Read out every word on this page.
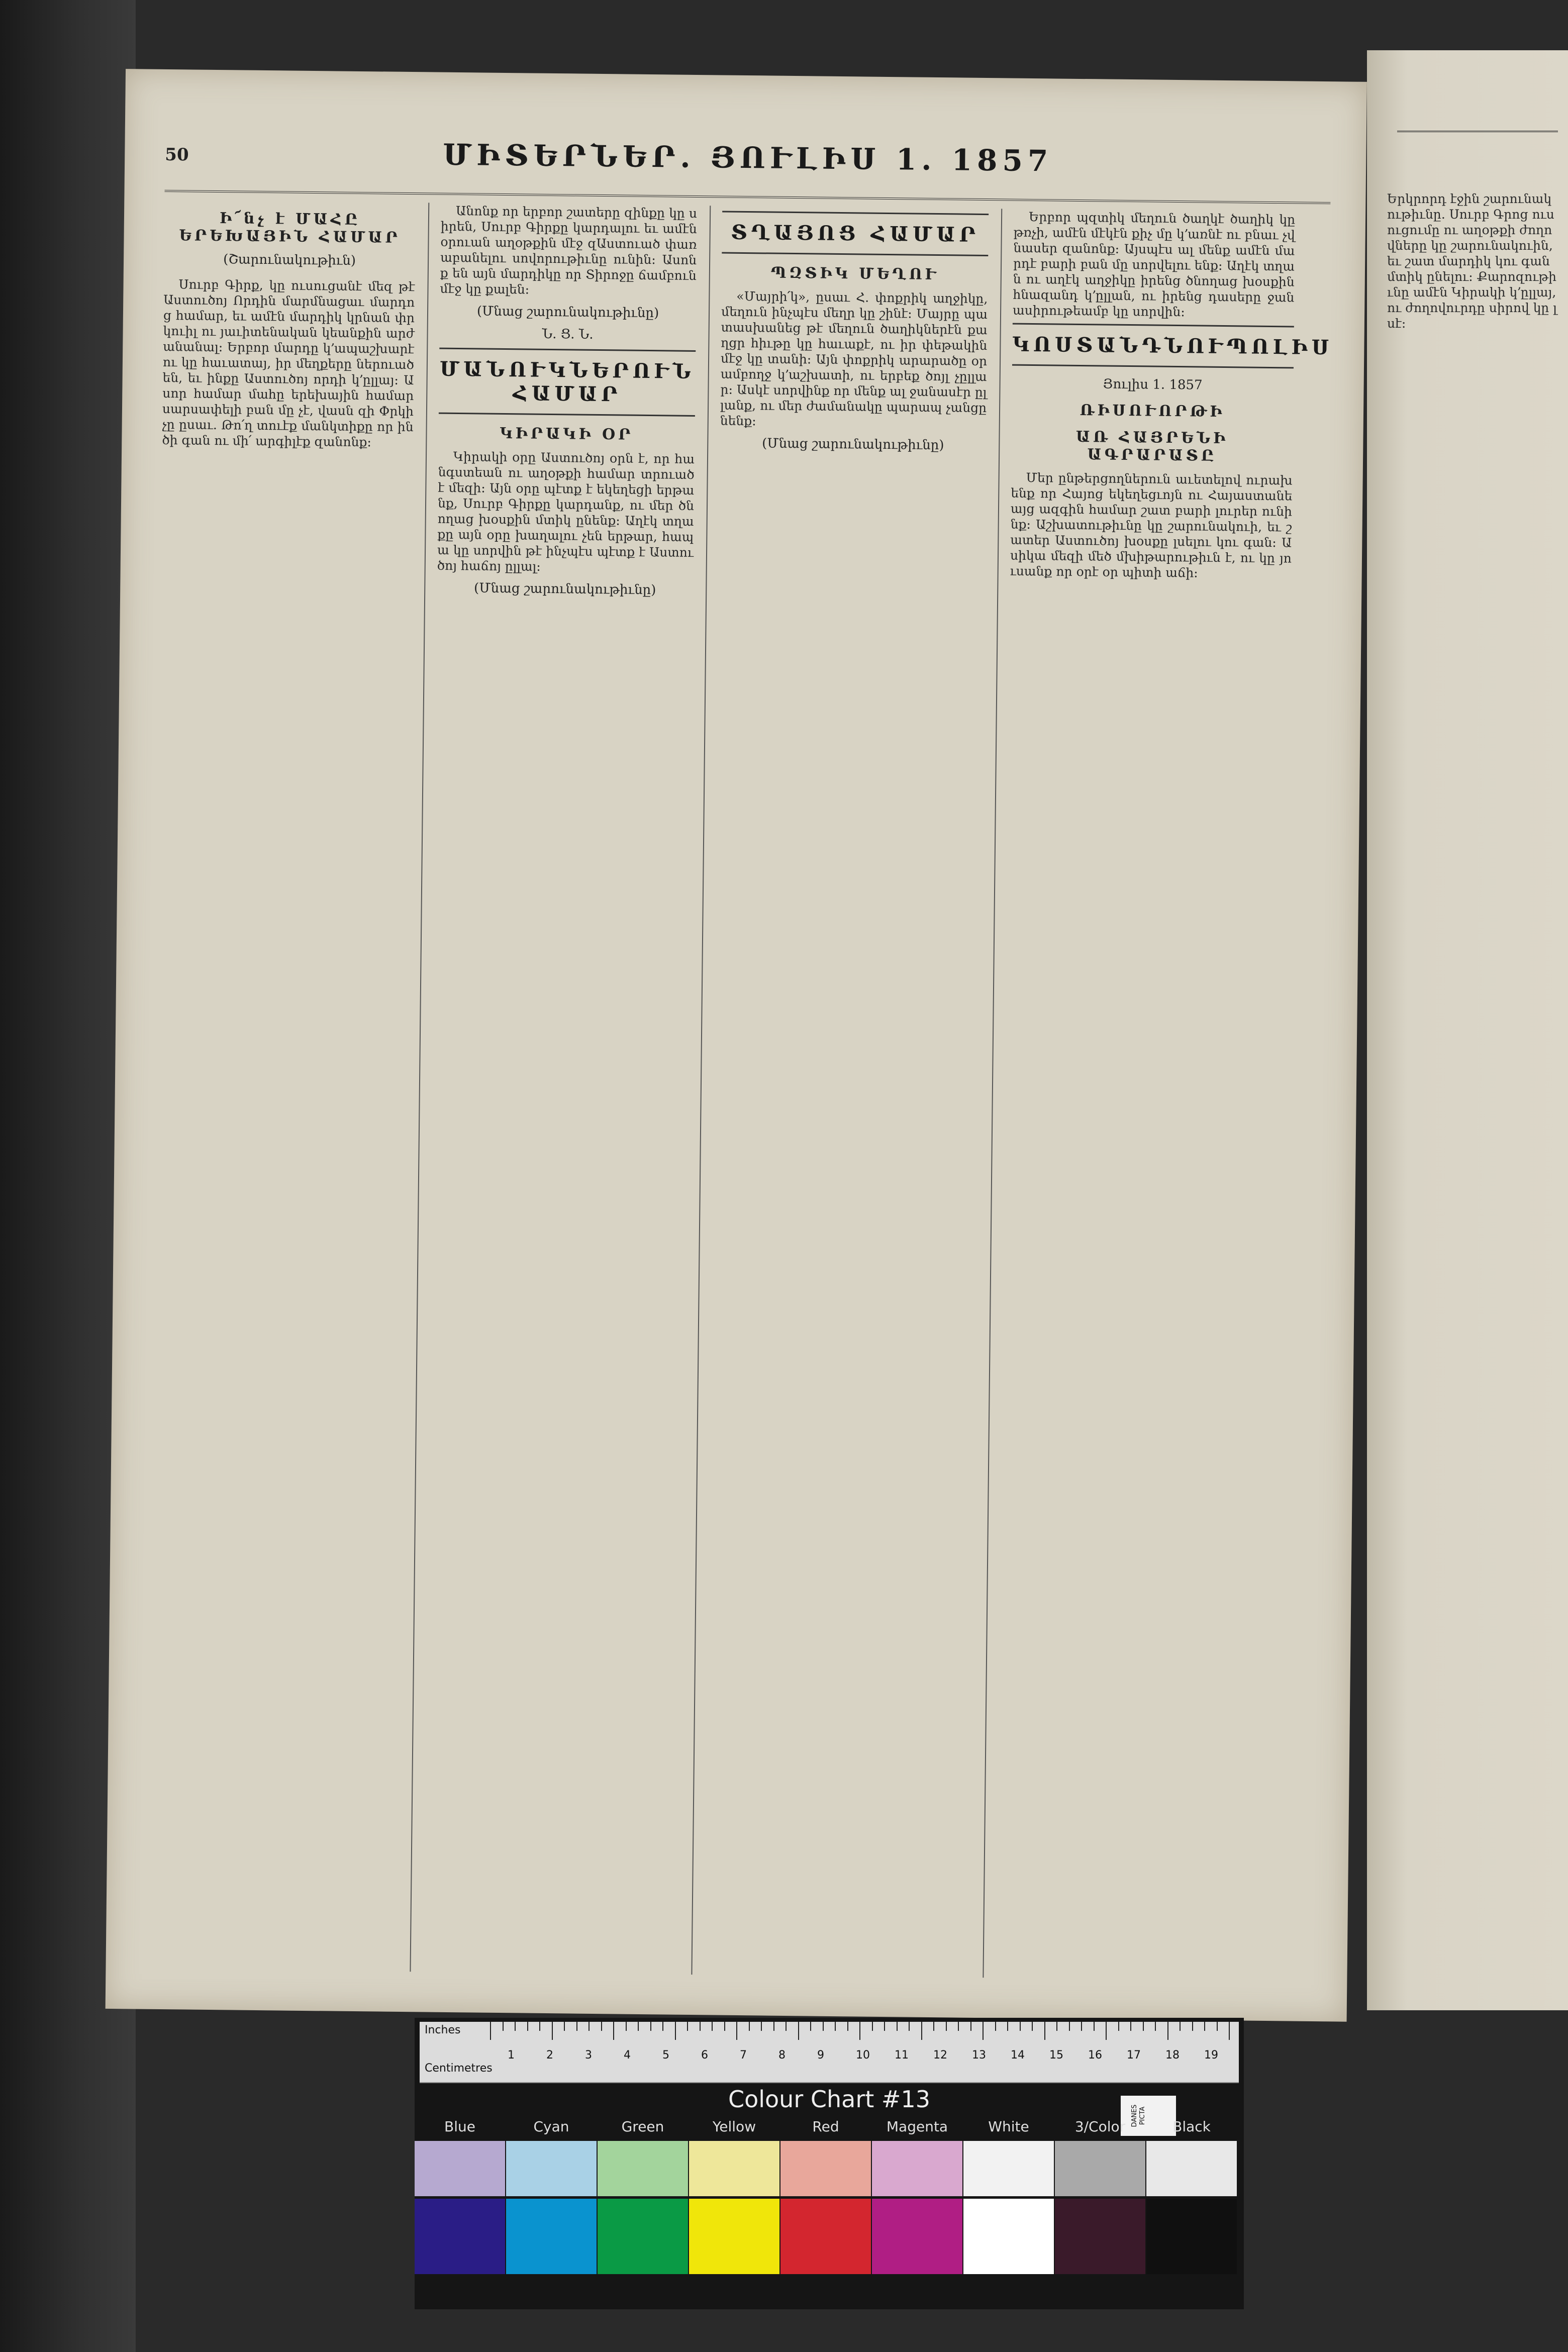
Երկրորդ էջին շարունակութիւնը. Սուրբ Գրոց ուսուցումը ու աղօթքի ժողովները կը շարունակուին, եւ շատ մարդիկ կու գան մտիկ ընելու։ Քարոզութիւնը ամէն Կիրակի կ՚ըլլայ, ու ժողովուրդը սիրով կը լսէ։
50	ՄԻՏԵՐՆԵՐ. ՅՈՒԼԻՍ 1. 1857
Ի՜նչ է ՄԱՀԸ ԵՐԵԽԱՅԻՆ ՀԱՄԱՐ
(Շարունակութիւն)

Սուրբ Գիրք, կը ուսուցանէ մեզ թէ Աստուծոյ Որդին մարմնացաւ մարդոց համար, եւ ամէն մարդիկ կրնան փրկուիլ ու յաւիտենական կեանքին արժանանալ։ Երբոր մարդը կ՚ապաշխարէ ու կը հաւատայ, իր մեղքերը ներուած են, եւ ինքը Աստուծոյ որդի կ՚ըլլայ։ Ասոր համար մահը երեխային համար սարսափելի բան մը չէ, վասն զի Փրկիչը ըսաւ. Թո՛ղ տուէք մանկտիքը որ ինծի գան ու մի՛ արգիլէք զանոնք։

Անոնք որ երբոր շատերը զինքը կը սիրեն, Սուրբ Գիրքը կարդալու եւ ամէն օրուան աղօթքին մէջ զԱստուած փառաբանելու սովորութիւնը ունին։ Ասոնք են այն մարդիկը որ Տիրոջը ճամբուն մէջ կը քալեն։

(Մնաց շարունակութիւնը)
Ն. Ց. Ն.
ՄԱՆՈՒԿՆԵՐՈՒՆ ՀԱՄԱՐ
ԿԻՐԱԿԻ ՕՐ

Կիրակի օրը Աստուծոյ օրն է, որ հանգստեան ու աղօթքի համար տրուած է մեզի։ Այն օրը պէտք է եկեղեցի երթանք, Սուրբ Գիրքը կարդանք, ու մեր ծնողաց խօսքին մտիկ ընենք։ Աղէկ տղաքը այն օրը խաղալու չեն երթար, հապա կը սորվին թէ ինչպէս պէտք է Աստուծոյ հաճոյ ըլլալ։

(Մնաց շարունակութիւնը)
ՏՂԱՅՈՑ ՀԱՄԱՐ
ՊԶՏԻԿ ՄԵՂՈՒ

«Մայրի՛կ», ըսաւ Հ. փոքրիկ աղջիկը, մեղուն ինչպէս մեղր կը շինէ։ Մայրը պատասխանեց թէ մեղուն ծաղիկներէն քաղցր հիւթը կը հաւաքէ, ու իր փեթակին մէջ կը տանի։ Այն փոքրիկ արարածը օր ամբողջ կ՚աշխատի, ու երբեք ծոյլ չըլլար։ Ասկէ սորվինք որ մենք ալ ջանասէր ըլլանք, ու մեր ժամանակը պարապ չանցընենք։

(Մնաց շարունակութիւնը)

Երբոր պզտիկ մեղուն ծաղկէ ծաղիկ կը թռչի, ամէն մէկէն քիչ մը կ՚առնէ ու բնաւ չվնասեր զանոնք։ Այսպէս ալ մենք ամէն մարդէ բարի բան մը սորվելու ենք։ Աղէկ տղան ու աղէկ աղջիկը իրենց ծնողաց խօսքին հնազանդ կ՚ըլլան, ու իրենց դասերը ջանասիրութեամբ կը սորվին։

ԿՈՍՏԱՆԴՆՈՒՊՈԼԻՍ
Յուլիս 1. 1857
ՌԻՍՈՒՈՐԹԻ
ԱՌ ՀԱՅՐԵՆԻ ԱԳՐԱՐԱՏԸ

Մեր ընթերցողներուն աւետելով ուրախ ենք որ Հայոց եկեղեցւոյն ու Հայաստանեայց ազգին համար շատ բարի լուրեր ունինք։ Աշխատութիւնը կը շարունակուի, եւ շատեր Աստուծոյ խօսքը լսելու կու գան։ Ասիկա մեզի մեծ մխիթարութիւն է, ու կը յուսանք որ օրէ օր պիտի աճի։

Inches
Centimetres
1	2	3	4	5	6	7	8	9	10 11 12 13 14 15 16 17 18 19
Colour Chart #13
DANES PICTA
Blue	Cyan	Green	Yellow	Red	Magenta	White	3/Color	Black
